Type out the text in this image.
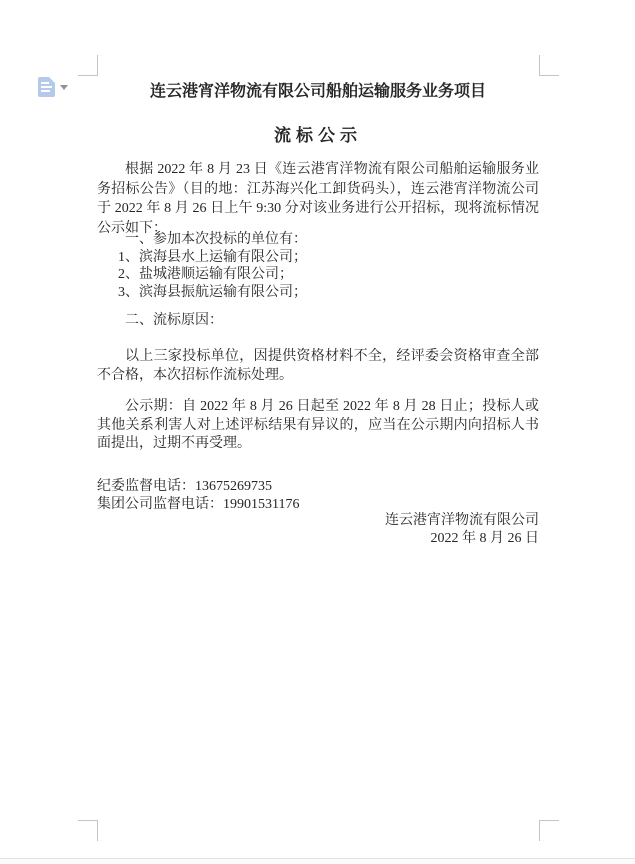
连云港宵洋物流有限公司船舶运输服务业务项目
流标公示
根据 2022 年 8 月 23 日《连云港宵洋物流有限公司船舶运输服务业务招标公告》（目的地：江苏海兴化工卸货码头），连云港宵洋物流公司于 2022 年 8 月 26 日上午 9:30 分对该业务进行公开招标，现将流标情况公示如下：
一、参加本次投标的单位有：
1、滨海县水上运输有限公司；
2、盐城港顺运输有限公司；
3、滨海县振航运输有限公司；
二、流标原因：
以上三家投标单位，因提供资格材料不全，经评委会资格审查全部不合格，本次招标作流标处理。
公示期：自 2022 年 8 月 26 日起至 2022 年 8 月 28 日止；投标人或其他关系利害人对上述评标结果有异议的，应当在公示期内向招标人书面提出，过期不再受理。
纪委监督电话：13675269735
集团公司监督电话：19901531176
连云港宵洋物流有限公司
2022 年 8 月 26 日
